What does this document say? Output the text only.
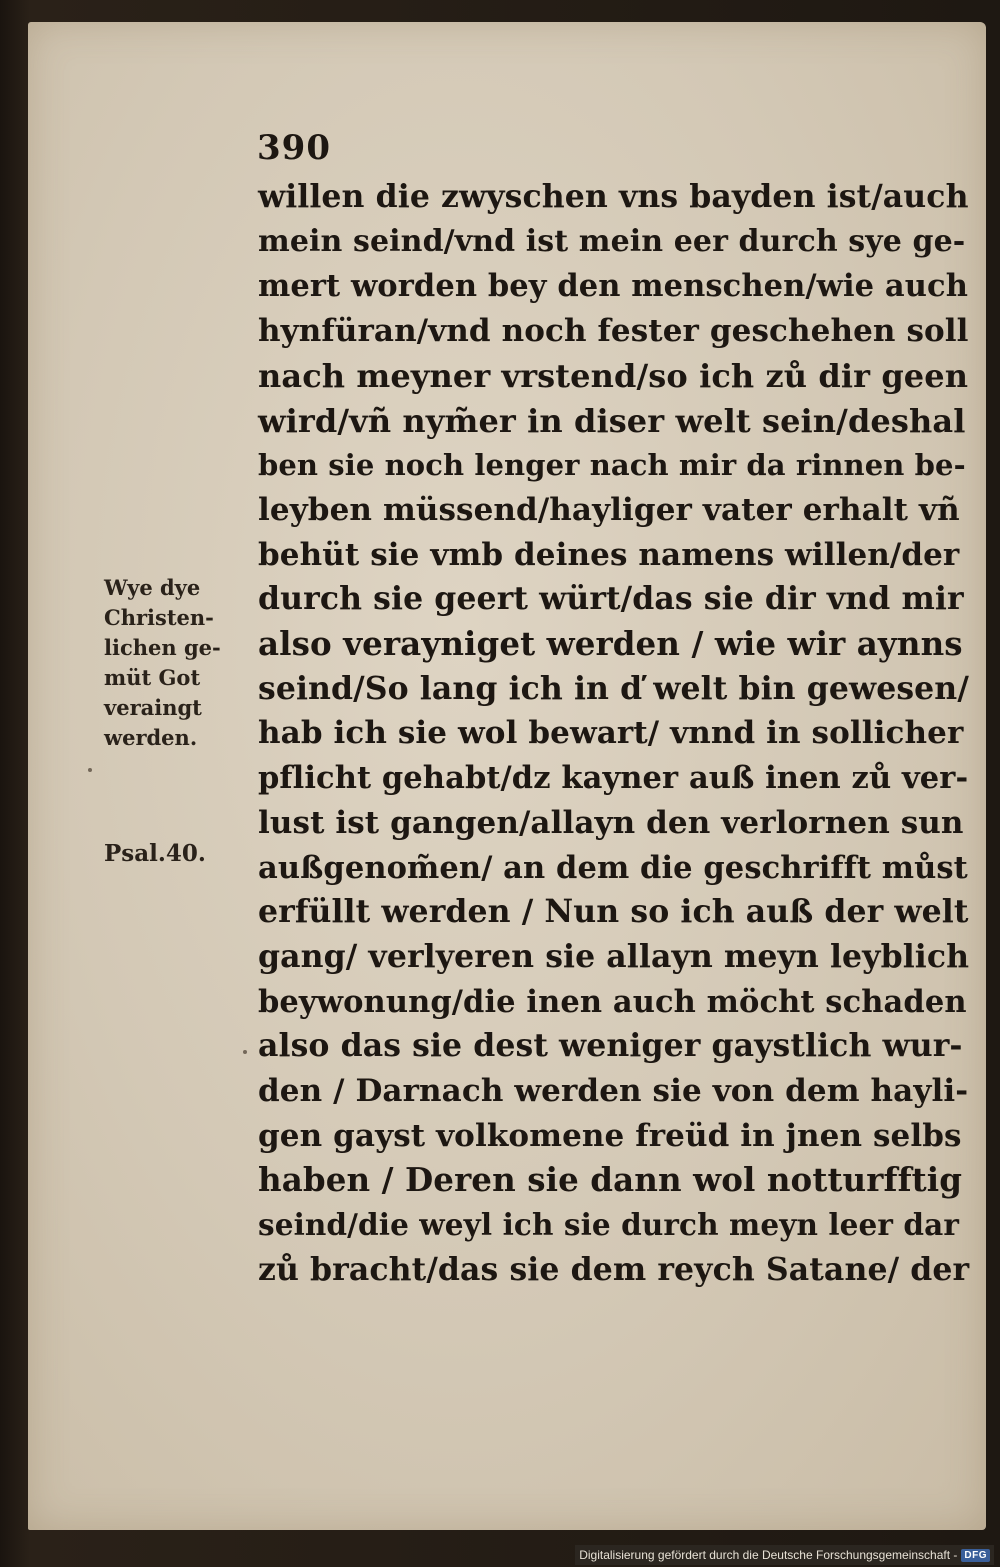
390
willen die zwyschen vns bayden ist/auch
mein seind/vnd ist mein eer durch sye ge‑
mert worden bey den menschen/wie auch
hynfüran/vnd noch fester geschehen soll
nach meyner vrstend/so ich zů dir geen
wird/vñ nym̃er in diser welt sein/deshal
ben sie noch lenger nach mir da rinnen be‑
leyben müssend/hayliger vater erhalt vñ
behüt sie vmb deines namens willen/der
durch sie geert würt/das sie dir vnd mir
also verayniget werden / wie wir aynns
seind/So lang ich in ď welt bin gewesen/
hab ich sie wol bewart/ vnnd in sollicher
pflicht gehabt/dz kayner auß inen zů ver‑
lust ist gangen/allayn den verlornen sun
außgenom̃en/ an dem die geschrifft můst
erfüllt werden / Nun so ich auß der welt
gang/ verlyeren sie allayn meyn leyblich
beywonung/die inen auch möcht schaden
also das sie dest weniger gaystlich wur‑
den / Darnach werden sie von dem hayli‑
gen gayst volkomene freüd in jnen selbs
haben / Deren sie dann wol notturfftig
seind/die weyl ich sie durch meyn leer dar
zů bracht/das sie dem reych Satane/ der
Wye dye
Christen‑
lichen ge‑
müt Got
veraingt
werden.
Psal.40.
Digitalisierung gefördert durch die Deutsche Forschungsgemeinschaft - DFG
